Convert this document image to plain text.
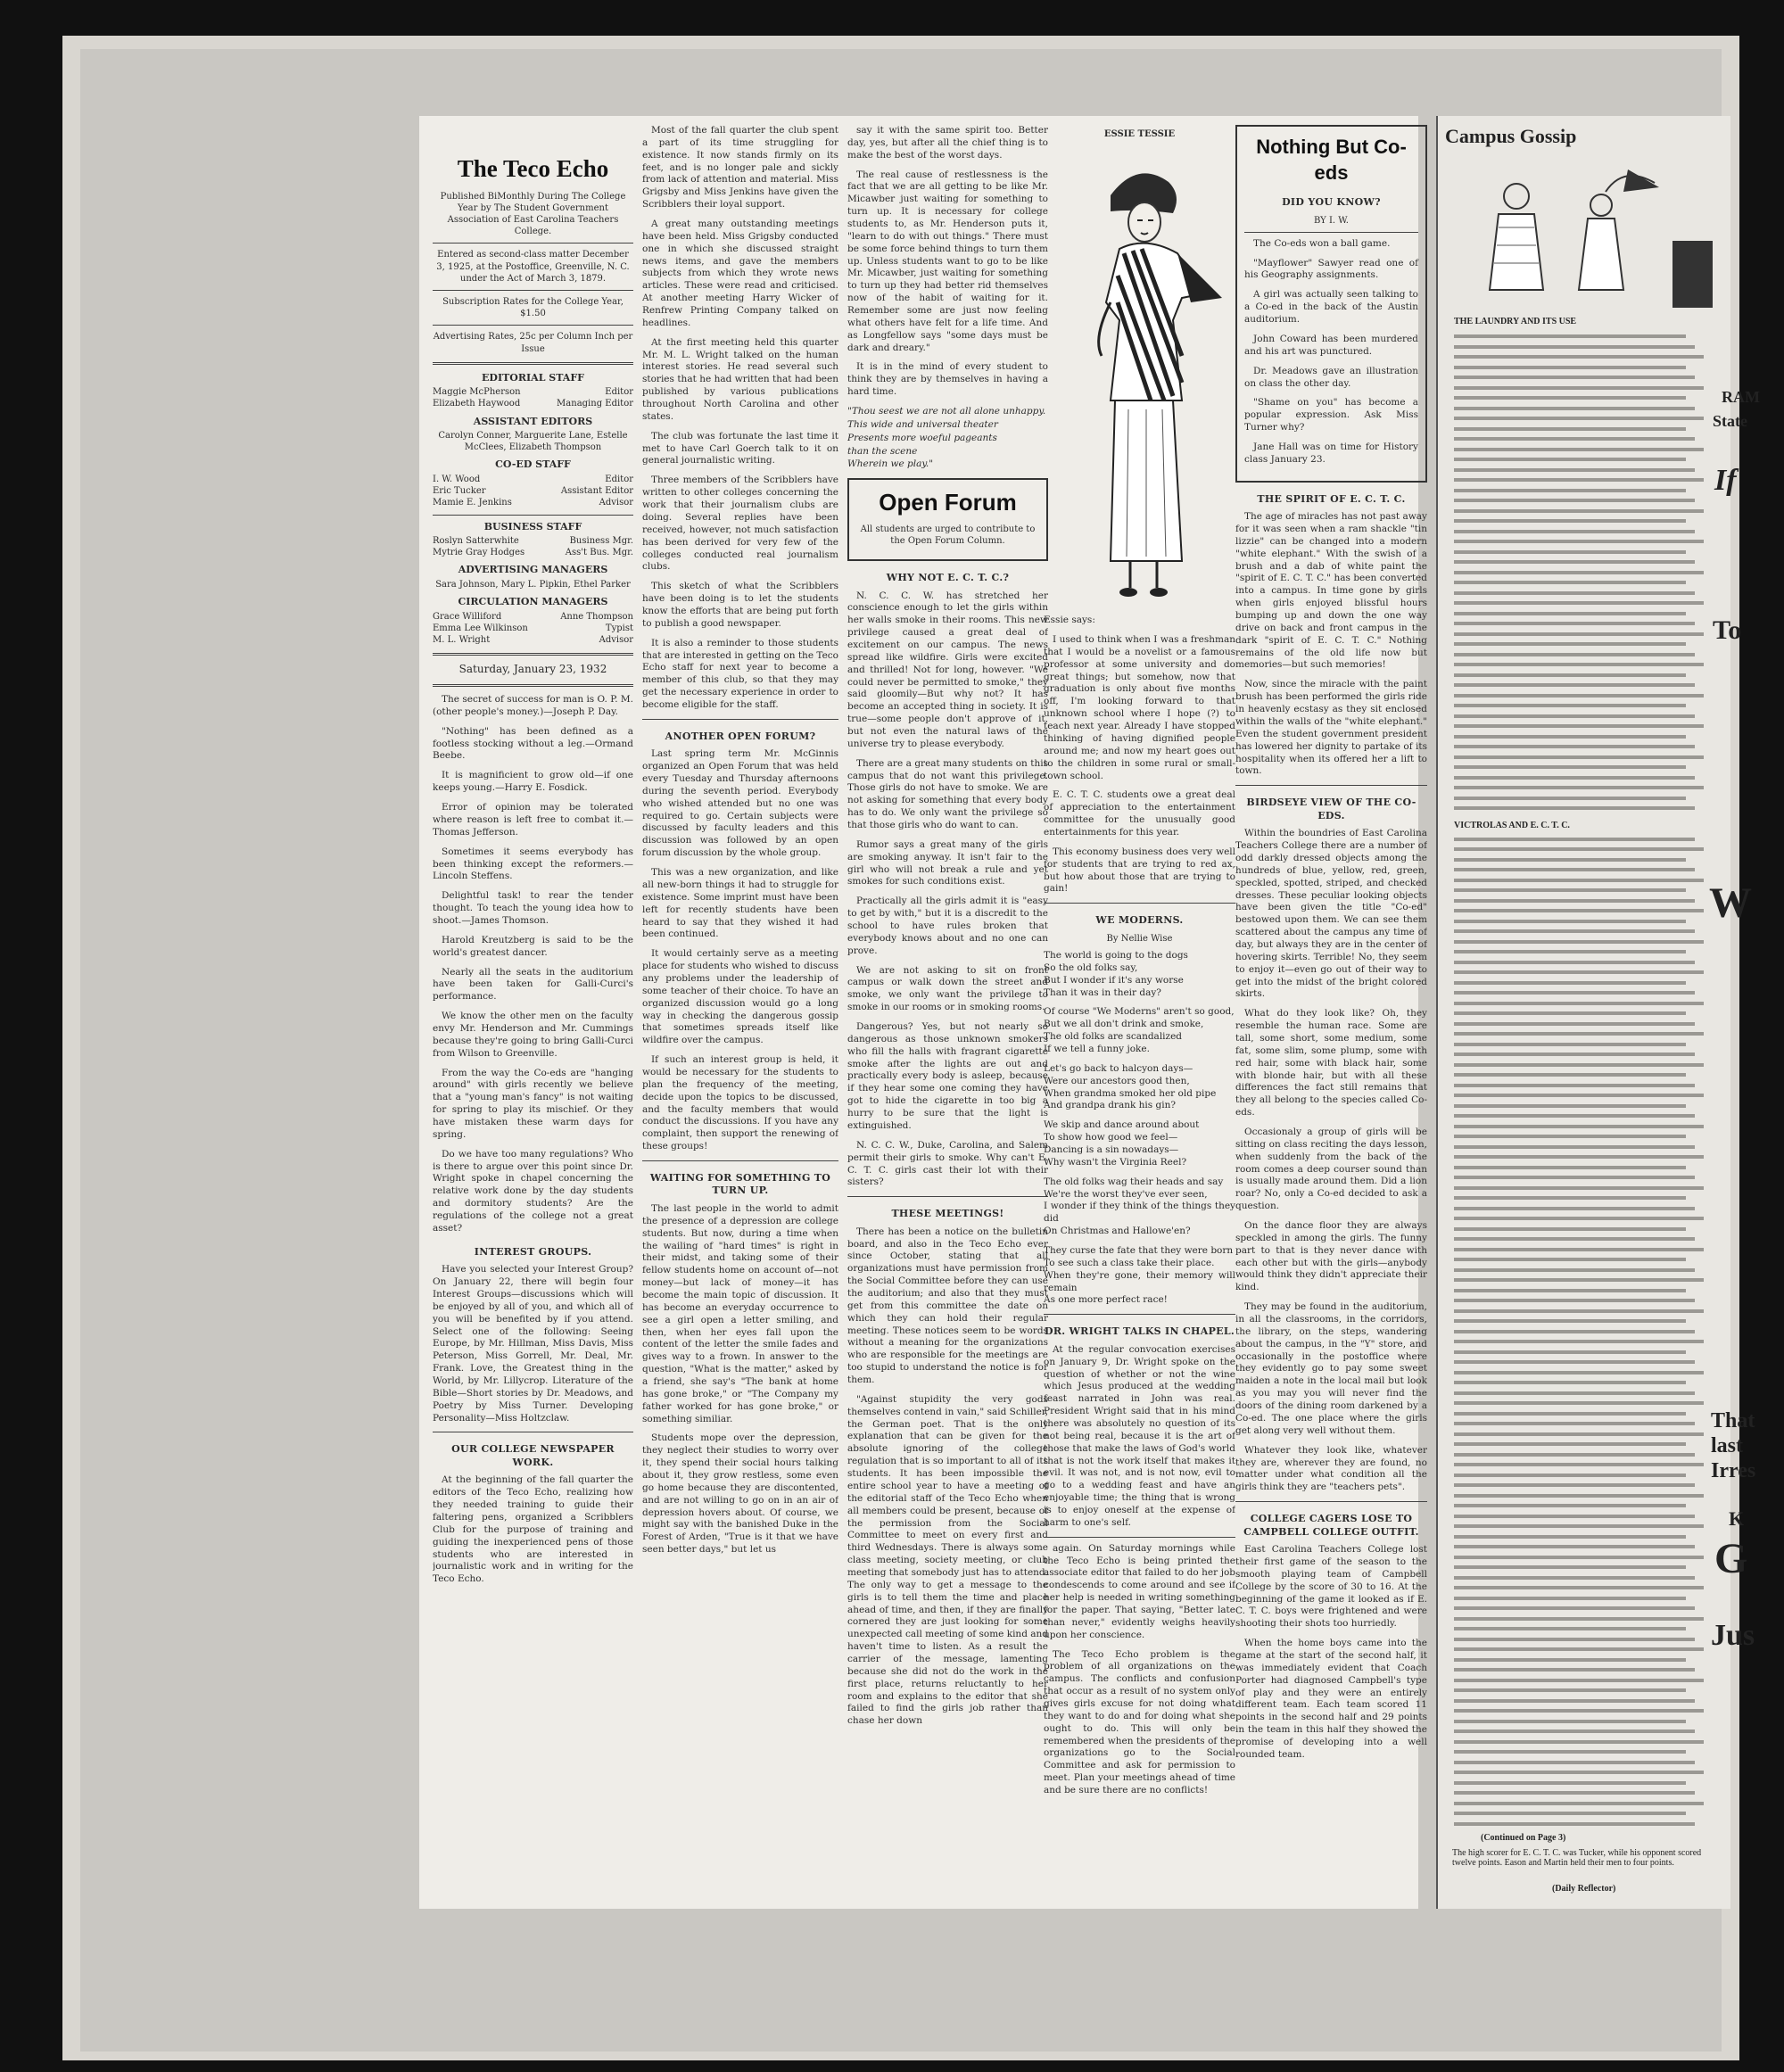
The Teco Echo
Published BiMonthly During The College Year by The Student Government Association of East Carolina Teachers College.
Entered as second-class matter December 3, 1925, at the Postoffice, Greenville, N. C. under the Act of March 3, 1879.
Subscription Rates for the College Year, $1.50
Advertising Rates, 25c per Column Inch per Issue
EDITORIAL STAFF
Maggie McPherson	Editor
Elizabeth Haywood	Managing Editor
ASSISTANT EDITORS
Carolyn Conner, Marguerite Lane, Estelle McClees, Elizabeth Thompson
CO-ED STAFF
I. W. Wood	Editor
Eric Tucker	Assistant Editor
Mamie E. Jenkins	Advisor
BUSINESS STAFF
Roslyn Satterwhite	Business Mgr.
Mytrie Gray Hodges	Ass't Bus. Mgr.
ADVERTISING MANAGERS
Sara Johnson, Mary L. Pipkin, Ethel Parker
CIRCULATION MANAGERS
Grace Williford	Anne Thompson
Emma Lee Wilkinson	Typist
M. L. Wright	Advisor
Saturday, January 23, 1932

The secret of success for man is O. P. M. (other people's money.)—Joseph P. Day.

"Nothing" has been defined as a footless stocking without a leg.—Ormand Beebe.

It is magnificient to grow old—if one keeps young.—Harry E. Fosdick.

Error of opinion may be tolerated where reason is left free to combat it.—Thomas Jefferson.

Sometimes it seems everybody has been thinking except the reformers.—Lincoln Steffens.

Delightful task! to rear the tender thought. To teach the young idea how to shoot.—James Thomson.

Harold Kreutzberg is said to be the world's greatest dancer.

Nearly all the seats in the auditorium have been taken for Galli-Curci's performance.

We know the other men on the faculty envy Mr. Henderson and Mr. Cummings because they're going to bring Galli-Curci from Wilson to Greenville.

From the way the Co-eds are "hanging around" with girls recently we believe that a "young man's fancy" is not waiting for spring to play its mischief. Or they have mistaken these warm days for spring.

Do we have too many regulations? Who is there to argue over this point since Dr. Wright spoke in chapel concerning the relative work done by the day students and dormitory students? Are the regulations of the college not a great asset?

INTEREST GROUPS.

Have you selected your Interest Group? On January 22, there will begin four Interest Groups—discussions which will be enjoyed by all of you, and which all of you will be benefited by if you attend. Select one of the following: Seeing Europe, by Mr. Hillman, Miss Davis, Miss Peterson, Miss Gorrell, Mr. Deal, Mr. Frank. Love, the Greatest thing in the World, by Mr. Lillycrop. Literature of the Bible—Short stories by Dr. Meadows, and Poetry by Miss Turner. Developing Personality—Miss Holtzclaw.

OUR COLLEGE NEWSPAPER WORK.

At the beginning of the fall quarter the editors of the Teco Echo, realizing how they needed training to guide their faltering pens, organized a Scribblers Club for the purpose of training and guiding the inexperienced pens of those students who are interested in journalistic work and in writing for the Teco Echo.

Most of the fall quarter the club spent a part of its time struggling for existence. It now stands firmly on its feet, and is no longer pale and sickly from lack of attention and material. Miss Grigsby and Miss Jenkins have given the Scribblers their loyal support.

A great many outstanding meetings have been held. Miss Grigsby conducted one in which she discussed straight news items, and gave the members subjects from which they wrote news articles. These were read and criticised. At another meeting Harry Wicker of Renfrew Printing Company talked on headlines.

At the first meeting held this quarter Mr. M. L. Wright talked on the human interest stories. He read several such stories that he had written that had been published by various publications throughout North Carolina and other states.

The club was fortunate the last time it met to have Carl Goerch talk to it on general journalistic writing.

Three members of the Scribblers have written to other colleges concerning the work that their journalism clubs are doing. Several replies have been received, however, not much satisfaction has been derived for very few of the colleges conducted real journalism clubs.

This sketch of what the Scribblers have been doing is to let the students know the efforts that are being put forth to publish a good newspaper.

It is also a reminder to those students that are interested in getting on the Teco Echo staff for next year to become a member of this club, so that they may get the necessary experience in order to become eligible for the staff.

ANOTHER OPEN FORUM?

Last spring term Mr. McGinnis organized an Open Forum that was held every Tuesday and Thursday afternoons during the seventh period. Everybody who wished attended but no one was required to go. Certain subjects were discussed by faculty leaders and this discussion was followed by an open forum discussion by the whole group.

This was a new organization, and like all new-born things it had to struggle for existence. Some imprint must have been left for recently students have been heard to say that they wished it had been continued.

It would certainly serve as a meeting place for students who wished to discuss any problems under the leadership of some teacher of their choice. To have an organized discussion would go a long way in checking the dangerous gossip that sometimes spreads itself like wildfire over the campus.

If such an interest group is held, it would be necessary for the students to plan the frequency of the meeting, decide upon the topics to be discussed, and the faculty members that would conduct the discussions. If you have any complaint, then support the renewing of these groups!

WAITING FOR SOMETHING TO TURN UP.

The last people in the world to admit the presence of a depression are college students. But now, during a time when the wailing of "hard times" is right in their midst, and taking some of their fellow students home on account of—not money—but lack of money—it has become the main topic of discussion. It has become an everyday occurrence to see a girl open a letter smiling, and then, when her eyes fall upon the content of the letter the smile fades and gives way to a frown. In answer to the question, "What is the matter," asked by a friend, she say's "The bank at home has gone broke," or "The Company my father worked for has gone broke," or something similiar.

Students mope over the depression, they neglect their studies to worry over it, they spend their social hours talking about it, they grow restless, some even go home because they are discontented, and are not willing to go on in an air of depression hovers about. Of course, we might say with the banished Duke in the Forest of Arden, "True is it that we have seen better days," but let us

say it with the same spirit too. Better day, yes, but after all the chief thing is to make the best of the worst days.

The real cause of restlessness is the fact that we are all getting to be like Mr. Micawber just waiting for something to turn up. It is necessary for college students to, as Mr. Henderson puts it, "learn to do with out things." There must be some force behind things to turn them up. Unless students want to go to be like Mr. Micawber, just waiting for something to turn up they had better rid themselves now of the habit of waiting for it. Remember some are just now feeling what others have felt for a life time. And as Longfellow says "some days must be dark and dreary."

It is in the mind of every student to think they are by themselves in having a hard time.

"Thou seest we are not all alone unhappy.

This wide and universal theater

Presents more woeful pageants

than the scene

Wherein we play."

Open Forum
All students are urged to contribute to the Open Forum Column.
WHY NOT E. C. T. C.?

N. C. C. W. has stretched her conscience enough to let the girls within her walls smoke in their rooms. This new privilege caused a great deal of excitement on our campus. The news spread like wildfire. Girls were excited and thrilled! Not for long, however. "We could never be permitted to smoke," they said gloomily—But why not? It has become an accepted thing in society. It is true—some people don't approve of it, but not even the natural laws of the universe try to please everybody.

There are a great many students on this campus that do not want this privilege. Those girls do not have to smoke. We are not asking for something that every body has to do. We only want the privilege so that those girls who do want to can.

Rumor says a great many of the girls are smoking anyway. It isn't fair to the girl who will not break a rule and yet smokes for such conditions exist.

Practically all the girls admit it is "easy to get by with," but it is a discredit to the school to have rules broken that everybody knows about and no one can prove.

We are not asking to sit on front campus or walk down the street and smoke, we only want the privilege to smoke in our rooms or in smoking rooms.

Dangerous? Yes, but not nearly so dangerous as those unknown smokers who fill the halls with fragrant cigarette smoke after the lights are out and practically every body is asleep, because if they hear some one coming they have got to hide the cigarette in too big a hurry to be sure that the light is extinguished.

N. C. C. W., Duke, Carolina, and Salem permit their girls to smoke. Why can't E. C. T. C. girls cast their lot with their sisters?

THESE MEETINGS!

There has been a notice on the bulletin board, and also in the Teco Echo ever since October, stating that all organizations must have permission from the Social Committee before they can use the auditorium; and also that they must get from this committee the date on which they can hold their regular meeting. These notices seem to be words without a meaning for the organizations who are responsible for the meetings are too stupid to understand the notice is for them.

"Against stupidity the very gods themselves contend in vain," said Schiller, the German poet. That is the only explanation that can be given for the absolute ignoring of the college regulation that is so important to all of its students. It has been impossible the entire school year to have a meeting of the editorial staff of the Teco Echo when all members could be present, because of the permission from the Social Committee to meet on every first and third Wednesdays. There is always some class meeting, society meeting, or club meeting that somebody just has to attend. The only way to get a message to the girls is to tell them the time and place ahead of time, and then, if they are finally cornered they are just looking for some unexpected call meeting of some kind and haven't time to listen. As a result the carrier of the message, lamenting because she did not do the work in the first place, returns reluctantly to her room and explains to the editor that she failed to find the girls job rather than chase her down

ESSIE TESSIE

Essie says:

I used to think when I was a freshman that I would be a novelist or a famous professor at some university and do great things; but somehow, now that graduation is only about five months off, I'm looking forward to that unknown school where I hope (?) to teach next year. Already I have stopped thinking of having dignified people around me; and now my heart goes out to the children in some rural or small-town school.

E. C. T. C. students owe a great deal of appreciation to the entertainment committee for the unusually good entertainments for this year.

This economy business does very well for students that are trying to red ax, but how about those that are trying to gain!

WE MODERNS.
By Nellie Wise
The world is going to the dogs
So the old folks say,
But I wonder if it's any worse
Than it was in their day?
Of course "We Moderns" aren't so good,
But we all don't drink and smoke,
The old folks are scandalized
If we tell a funny joke.
Let's go back to halcyon days—
Were our ancestors good then,
When grandma smoked her old pipe
And grandpa drank his gin?
We skip and dance around about
To show how good we feel—
Dancing is a sin nowadays—
Why wasn't the Virginia Reel?
The old folks wag their heads and say
We're the worst they've ever seen,
I wonder if they think of the things they did
On Christmas and Hallowe'en?
They curse the fate that they were born
To see such a class take their place.
When they're gone, their memory will remain
As one more perfect race!
DR. WRIGHT TALKS IN CHAPEL.

At the regular convocation exercises on January 9, Dr. Wright spoke on the question of whether or not the wine which Jesus produced at the wedding feast narrated in John was real. President Wright said that in his mind there was absolutely no question of its not being real, because it is the art of those that make the laws of God's world that is not the work itself that makes it evil. It was not, and is not now, evil to go to a wedding feast and have an enjoyable time; the thing that is wrong is to enjoy oneself at the expense of harm to one's self.

again. On Saturday mornings while the Teco Echo is being printed the associate editor that failed to do her job condescends to come around and see if her help is needed in writing something for the paper. That saying, "Better late than never," evidently weighs heavily upon her conscience.

The Teco Echo problem is the problem of all organizations on the campus. The conflicts and confusion that occur as a result of no system only gives girls excuse for not doing what they want to do and for doing what she ought to do. This will only be remembered when the presidents of the organizations go to the Social Committee and ask for permission to meet. Plan your meetings ahead of time and be sure there are no conflicts!

Nothing But Co-eds
DID YOU KNOW?
BY I. W.

The Co-eds won a ball game.

"Mayflower" Sawyer read one of his Geography assignments.

A girl was actually seen talking to a Co-ed in the back of the Austin auditorium.

John Coward has been murdered and his art was punctured.

Dr. Meadows gave an illustration on class the other day.

"Shame on you" has become a popular expression. Ask Miss Turner why?

Jane Hall was on time for History class January 23.

THE SPIRIT OF E. C. T. C.

The age of miracles has not past away for it was seen when a ram shackle "tin lizzie" can be changed into a modern "white elephant." With the swish of a brush and a dab of white paint the "spirit of E. C. T. C." has been converted into a campus. In time gone by girls when girls enjoyed blissful hours bumping up and down the one way drive on back and front campus in the dark "spirit of E. C. T. C." Nothing remains of the old life now but memories—but such memories!

Now, since the miracle with the paint brush has been performed the girls ride in heavenly ecstasy as they sit enclosed within the walls of the "white elephant." Even the student government president has lowered her dignity to partake of its hospitality when its offered her a lift to town.

BIRDSEYE VIEW OF THE CO-EDS.

Within the boundries of East Carolina Teachers College there are a number of odd darkly dressed objects among the hundreds of blue, yellow, red, green, speckled, spotted, striped, and checked dresses. These peculiar looking objects have been given the title "Co-ed" bestowed upon them. We can see them scattered about the campus any time of day, but always they are in the center of hovering skirts. Terrible! No, they seem to enjoy it—even go out of their way to get into the midst of the bright colored skirts.

What do they look like? Oh, they resemble the human race. Some are tall, some short, some medium, some fat, some slim, some plump, some with red hair, some with black hair, some with blonde hair, but with all these differences the fact still remains that they all belong to the species called Co-eds.

Occasionaly a group of girls will be sitting on class reciting the days lesson, when suddenly from the back of the room comes a deep courser sound than is usually made around them. Did a lion roar? No, only a Co-ed decided to ask a question.

On the dance floor they are always speckled in among the girls. The funny part to that is they never dance with each other but with the girls—anybody would think they didn't appreciate their kind.

They may be found in the auditorium, in all the classrooms, in the corridors, the library, on the steps, wandering about the campus, in the "Y" store, and occasionally in the postoffice where they evidently go to pay some sweet maiden a note in the local mail but look as you may you will never find the doors of the dining room darkened by a Co-ed. The one place where the girls get along very well without them.

Whatever they look like, whatever they are, wherever they are found, no matter under what condition all the girls think they are "teachers pets".

COLLEGE CAGERS LOSE TO CAMPBELL COLLEGE OUTFIT.

East Carolina Teachers College lost their first game of the season to the smooth playing team of Campbell College by the score of 30 to 16. At the beginning of the game it looked as if E. C. T. C. boys were frightened and were shooting their shots too hurriedly.

When the home boys came into the game at the start of the second half, it was immediately evident that Coach Porter had diagnosed Campbell's type of play and they were an entirely different team. Each team scored 11 points in the second half and 29 points in the team in this half they showed the promise of developing into a well rounded team.

Campus Gossip
THE LAUNDRY AND ITS USE
VICTROLAS AND E. C. T. C.
(Continued on Page 3)
The high scorer for E. C. T. C. was Tucker, while his opponent scored twelve points. Eason and Martin held their men to four points.
(Daily Reflector)
RAM
State
If
To
W
That
last
Irres
K
G
Jus
